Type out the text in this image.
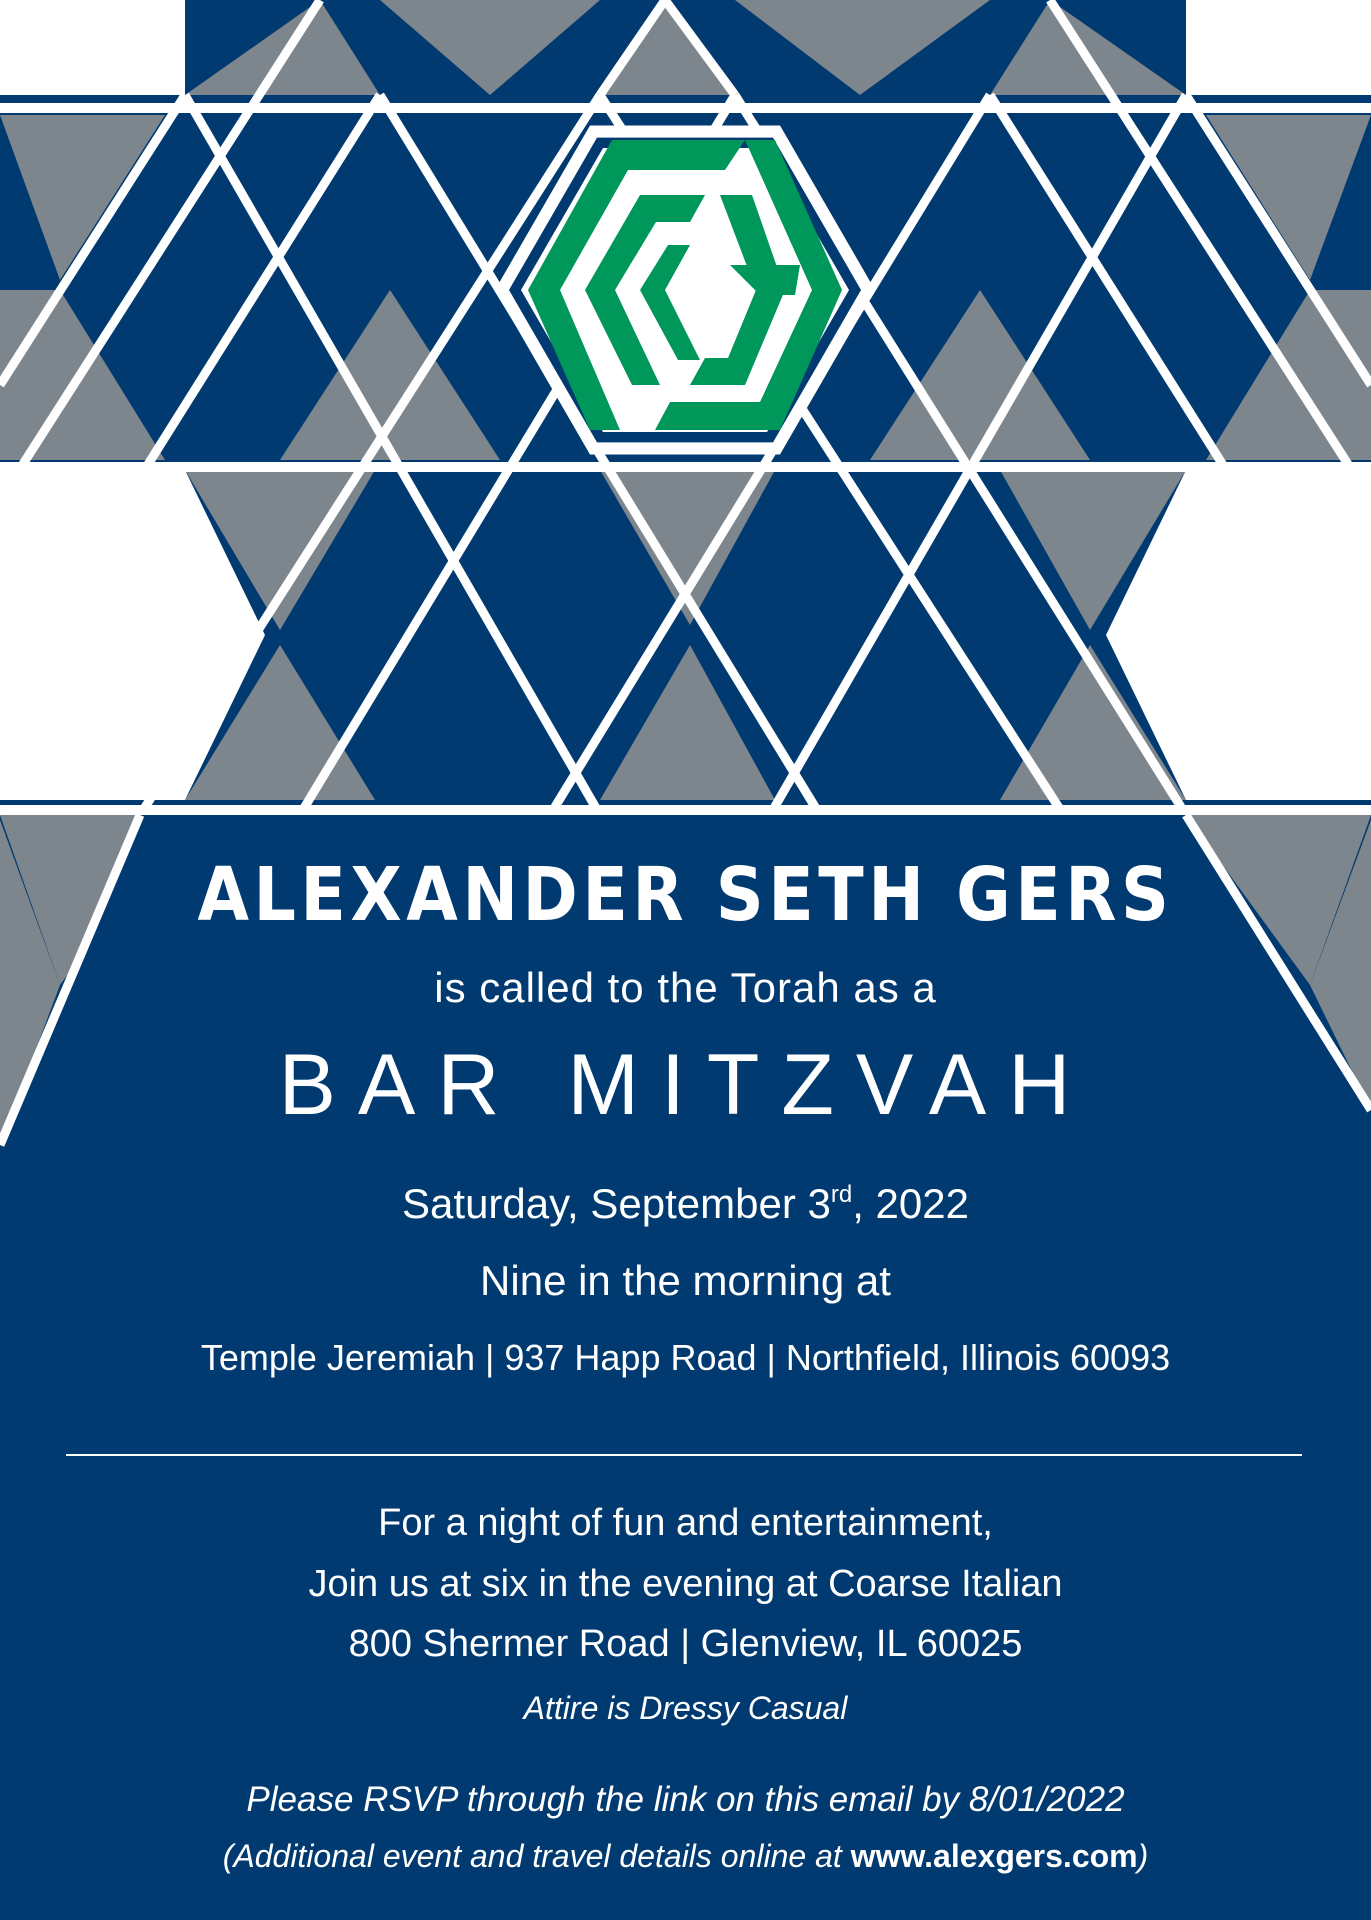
ALEXANDER SETH GERS
is called to the Torah as a
BAR MITZVAH
Saturday, September 3rd, 2022
Nine in the morning at
Temple Jeremiah | 937 Happ Road | Northfield, Illinois 60093
For a night of fun and entertainment,
Join us at six in the evening at Coarse Italian
800 Shermer Road | Glenview, IL 60025
Attire is Dressy Casual
Please RSVP through the link on this email by 8/01/2022
(Additional event and travel details online at www.alexgers.com)
